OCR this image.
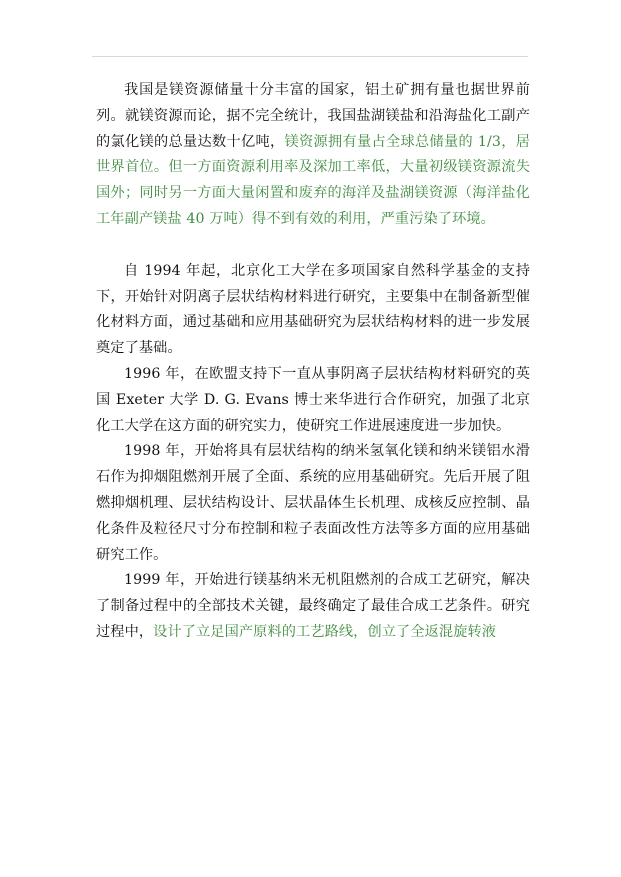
我国是镁资源储量十分丰富的国家，铝土矿拥有量也据世界前列。就镁资源而论，据不完全统计，我国盐湖镁盐和沿海盐化工副产的氯化镁的总量达数十亿吨，镁资源拥有量占全球总储量的 1/3，居世界首位。但一方面资源利用率及深加工率低，大量初级镁资源流失国外；同时另一方面大量闲置和废弃的海洋及盐湖镁资源（海洋盐化工年副产镁盐 40 万吨）得不到有效的利用，严重污染了环境。

自 1994 年起，北京化工大学在多项国家自然科学基金的支持下，开始针对阴离子层状结构材料进行研究，主要集中在制备新型催化材料方面，通过基础和应用基础研究为层状结构材料的进一步发展奠定了基础。

1996 年，在欧盟支持下一直从事阴离子层状结构材料研究的英国 Exeter 大学 D. G. Evans 博士来华进行合作研究，加强了北京化工大学在这方面的研究实力，使研究工作进展速度进一步加快。

1998 年，开始将具有层状结构的纳米氢氧化镁和纳米镁铝水滑石作为抑烟阻燃剂开展了全面、系统的应用基础研究。先后开展了阻燃抑烟机理、层状结构设计、层状晶体生长机理、成核反应控制、晶化条件及粒径尺寸分布控制和粒子表面改性方法等多方面的应用基础研究工作。

1999 年，开始进行镁基纳米无机阻燃剂的合成工艺研究，解决了制备过程中的全部技术关键，最终确定了最佳合成工艺条件。研究过程中，设计了立足国产原料的工艺路线，创立了全返混旋转液
